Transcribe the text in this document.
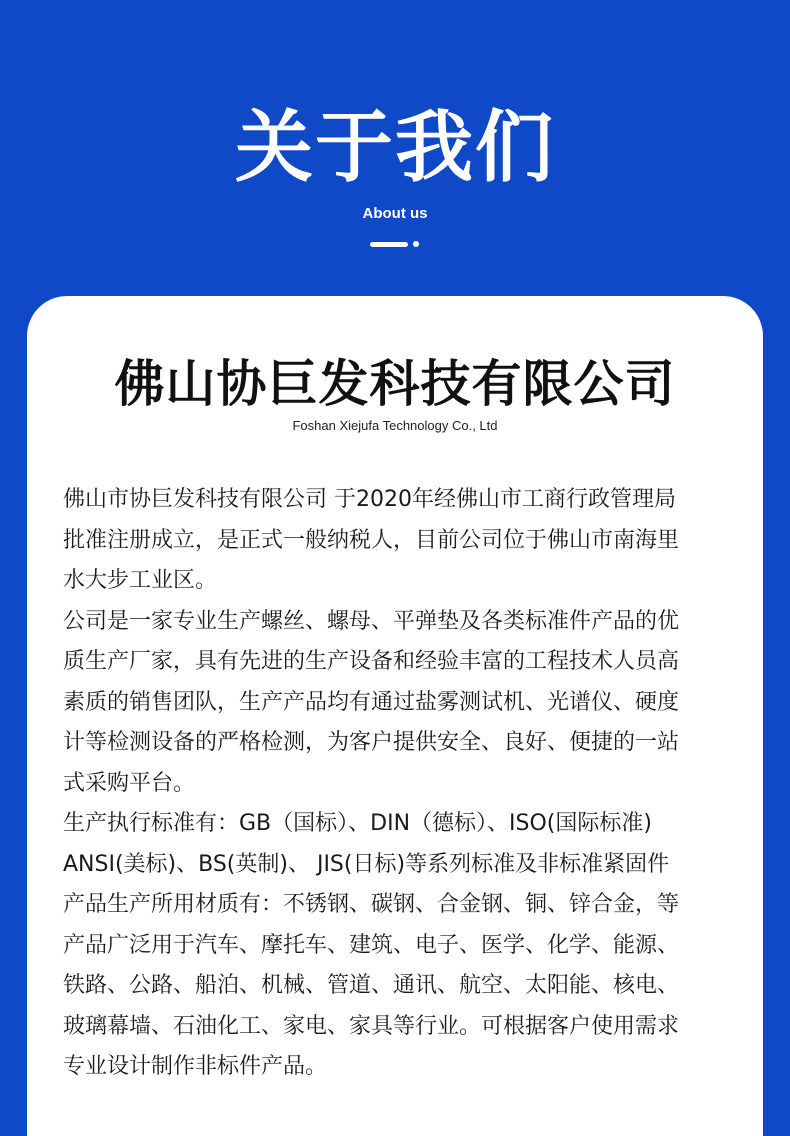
关于我们
About us
佛山协巨发科技有限公司
Foshan Xiejufa Technology Co., Ltd
佛山市协巨发科技有限公司 于2020年经佛山市工商行政管理局
批准注册成立，是正式一般纳税人，目前公司位于佛山市南海里
水大步工业区。
公司是一家专业生产螺丝、螺母、平弹垫及各类标准件产品的优
质生产厂家，具有先进的生产设备和经验丰富的工程技术人员高
素质的销售团队，生产产品均有通过盐雾测试机、光谱仪、硬度
计等检测设备的严格检测，为客户提供安全、良好、便捷的一站
式采购平台。
生产执行标准有：GB（国标）、DIN（德标）、ISO(国际标准)
ANSI(美标)、BS(英制)、 JIS(日标)等系列标准及非标准紧固件
产品生产所用材质有：不锈钢、碳钢、合金钢、铜、锌合金，等
产品广泛用于汽车、摩托车、建筑、电子、医学、化学、能源、
铁路、公路、船泊、机械、管道、通讯、航空、太阳能、核电、
玻璃幕墙、石油化工、家电、家具等行业。可根据客户使用需求
专业设计制作非标件产品。
